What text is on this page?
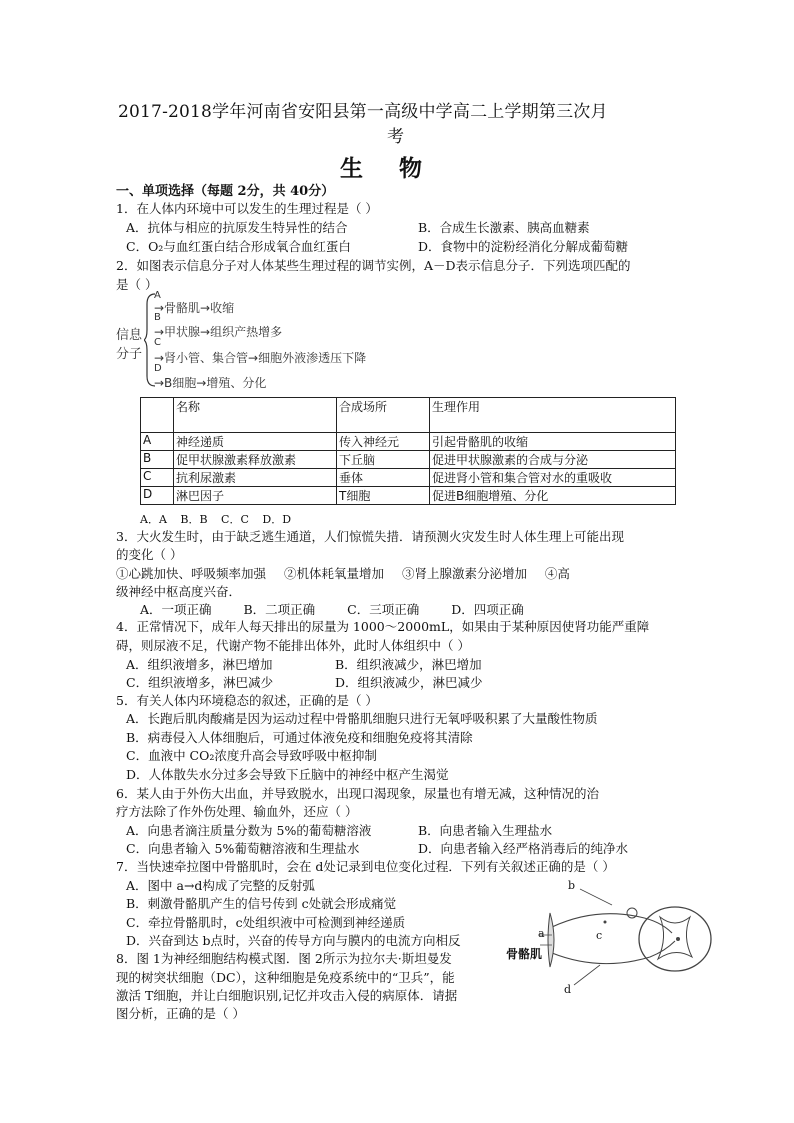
2017-2018学年河南省安阳县第一高级中学高二上学期第三次月
考
生物
一、单项选择（每题 2分，共 40分）
1．在人体内环境中可以发生的生理过程是（ ）
A．抗体与相应的抗原发生特异性的结合	B．合成生长激素、胰高血糖素
C．O₂与血红蛋白结合形成氧合血红蛋白	D．食物中的淀粉经消化分解成葡萄糖
2．如图表示信息分子对人体某些生理过程的调节实例，A－D表示信息分子．下列选项匹配的
是（ ）
信息
分子
A
→骨骼肌→收缩
B
→甲状腺→组织产热增多
C
→肾小管、集合管→细胞外液渗透压下降
D
→B细胞→增殖、分化
	名称	合成场所	生理作用
A	神经递质	传入神经元	引起骨骼肌的收缩
B	促甲状腺激素释放激素	下丘脑	促进甲状腺激素的合成与分泌
C	抗利尿激素	垂体	促进肾小管和集合管对水的重吸收
D	淋巴因子	T细胞	促进B细胞增殖、分化
A．A B．B C．C D．D
3．大火发生时，由于缺乏逃生通道，人们惊慌失措．请预测火灾发生时人体生理上可能出现
的变化（ ）
①心跳加快、呼吸频率加强 ②机体耗氧量增加 ③肾上腺激素分泌增加 ④高
级神经中枢高度兴奋．
A．一项正确 B．二项正确 C．三项正确 D．四项正确
4．正常情况下，成年人每天排出的尿量为 1000～2000mL，如果由于某种原因使肾功能严重障
碍，则尿液不足，代谢产物不能排出体外，此时人体组织中（ ）
A．组织液增多，淋巴增加	B．组织液减少，淋巴增加
C．组织液增多，淋巴减少	D．组织液减少，淋巴减少
5．有关人体内环境稳态的叙述，正确的是（ ）
A．长跑后肌肉酸痛是因为运动过程中骨骼肌细胞只进行无氧呼吸积累了大量酸性物质
B．病毒侵入人体细胞后，可通过体液免疫和细胞免疫将其清除
C．血液中 CO₂浓度升高会导致呼吸中枢抑制
D．人体散失水分过多会导致下丘脑中的神经中枢产生渴觉
6．某人由于外伤大出血，并导致脱水，出现口渴现象，尿量也有增无减，这种情况的治
疗方法除了作外伤处理、输血外，还应（ ）
A．向患者滴注质量分数为 5%的葡萄糖溶液	B．向患者输入生理盐水
C．向患者输入 5%葡萄糖溶液和生理盐水	D．向患者输入经严格消毒后的纯净水
7．当快速牵拉图中骨骼肌时，会在 d处记录到电位变化过程．下列有关叙述正确的是（ ）
A．图中 a→d构成了完整的反射弧
B．刺激骨骼肌产生的信号传到 c处就会形成痛觉
C．牵拉骨骼肌时，c处组织液中可检测到神经递质
D．兴奋到达 b点时，兴奋的传导方向与膜内的电流方向相反
b
a	c
d
骨骼肌
8．图 1为神经细胞结构模式图．图 2所示为拉尔夫·斯坦曼发
现的树突状细胞（DC），这种细胞是免疫系统中的“卫兵”，能
激活 T细胞，并让白细胞识别,记忆并攻击入侵的病原体．请据
图分析，正确的是（ ）
